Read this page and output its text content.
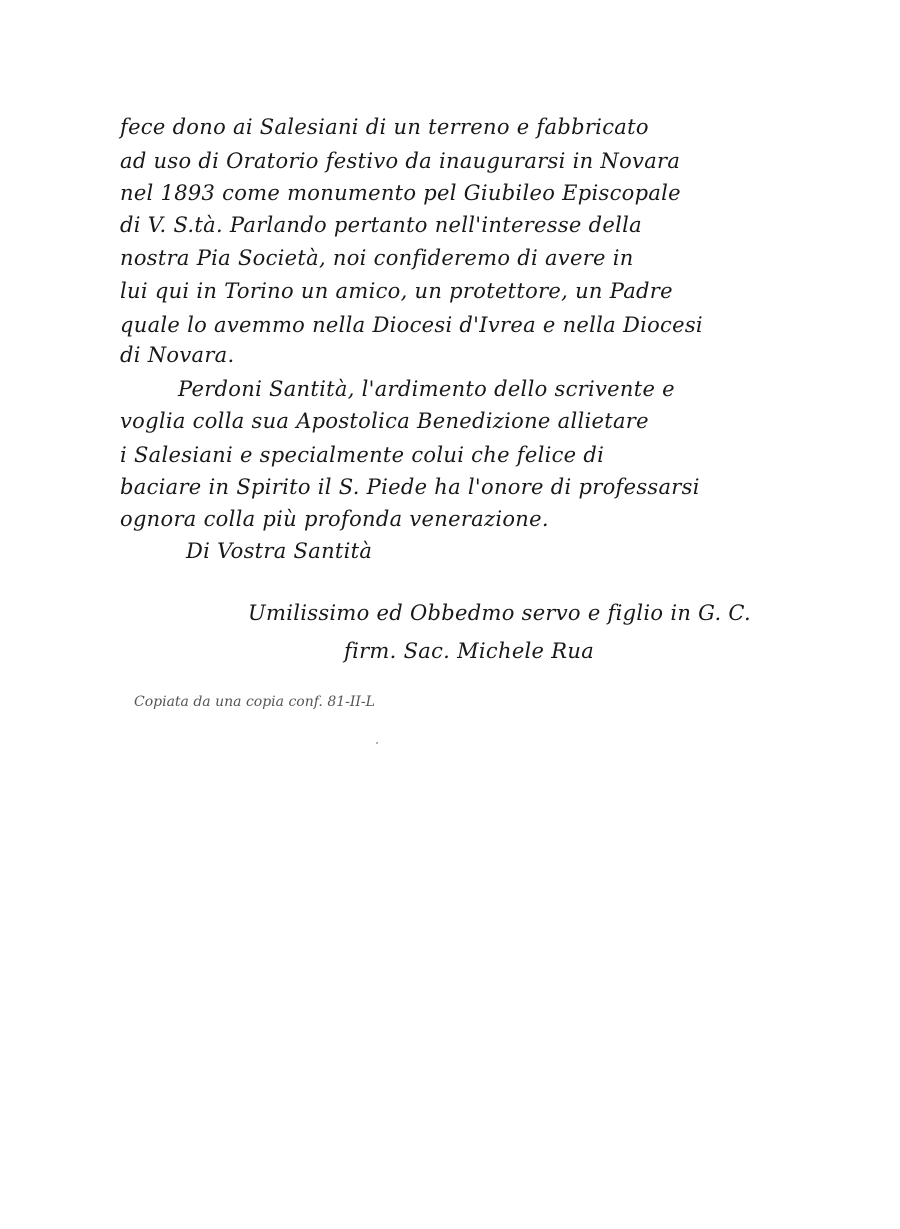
fece dono ai Salesiani di un terreno e fabbricato
ad uso di Oratorio festivo da inaugurarsi in Novara
nel 1893 come monumento pel Giubileo Episcopale
di V. S.tà. Parlando pertanto nell'interesse della
nostra Pia Società, noi confideremo di avere in
lui qui in Torino un amico, un protettore, un Padre
quale lo avemmo nella Diocesi d'Ivrea e nella Diocesi
di Novara.
Perdoni Santità, l'ardimento dello scrivente e
voglia colla sua Apostolica Benedizione allietare
i Salesiani e specialmente colui che felice di
baciare in Spirito il S. Piede ha l'onore di professarsi
ognora colla più profonda venerazione.
Di Vostra Santità
Umilissimo ed Obbedmo servo e figlio in G. C.
firm. Sac. Michele Rua
Copiata da una copia conf. 81-II-L
